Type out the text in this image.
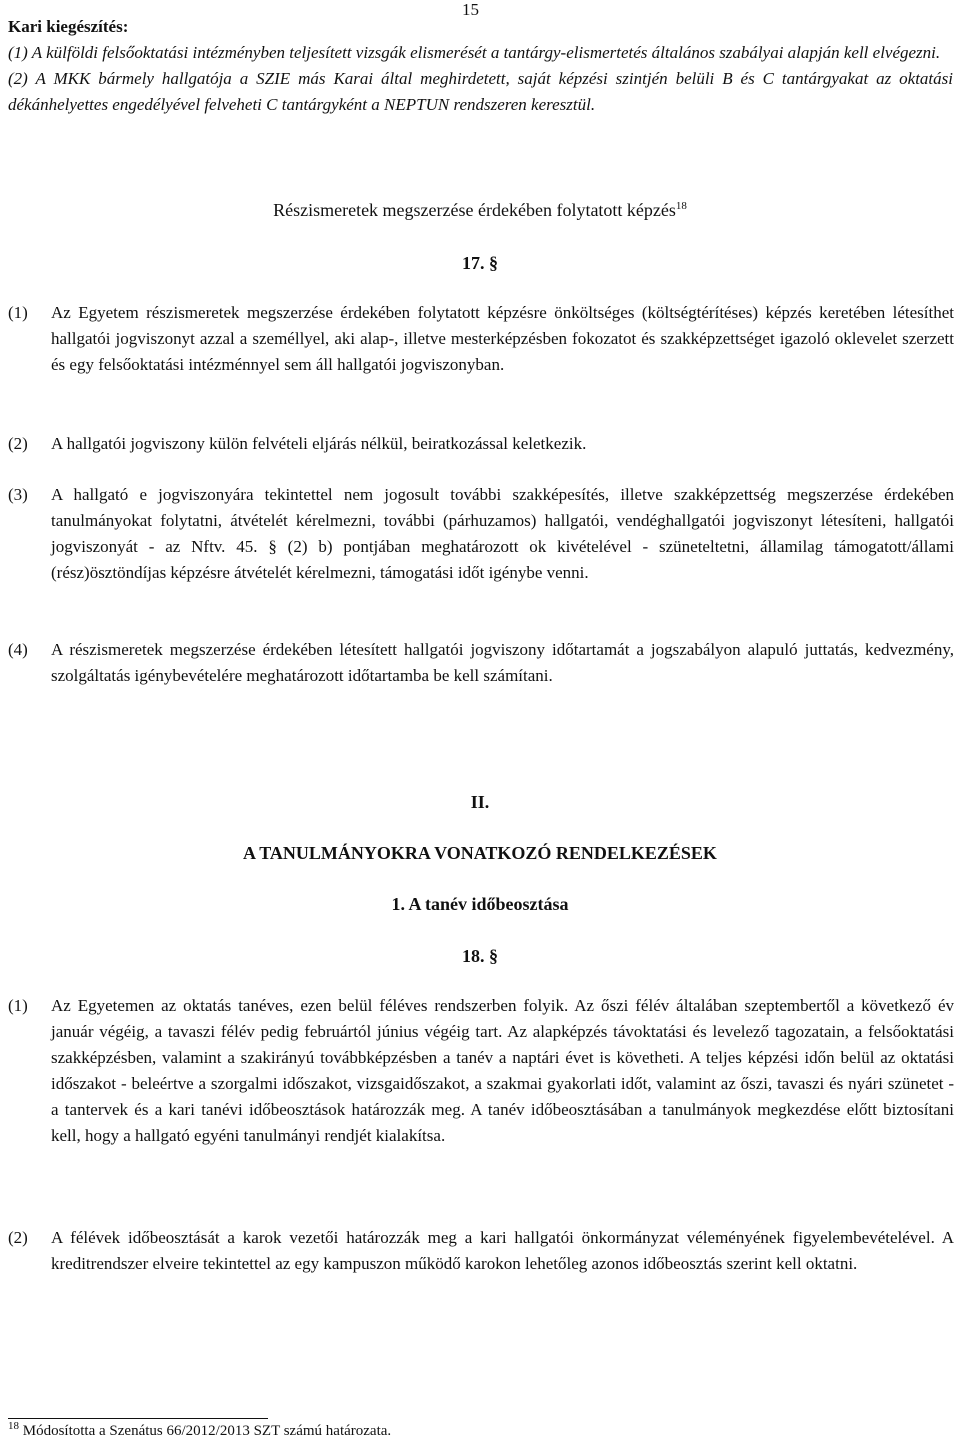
15
Kari kiegészítés:
(1) A külföldi felsőoktatási intézményben teljesített vizsgák elismerését a tantárgy-elismertetés általános szabályai alapján kell elvégezni.
(2) A MKK bármely hallgatója a SZIE más Karai által meghirdetett, saját képzési szintjén belüli B és C tantárgyakat az oktatási dékánhelyettes engedélyével felveheti C tantárgyként a NEPTUN rendszeren keresztül.
Részismeretek megszerzése érdekében folytatott képzés$^{18}$
17. §
(1) Az Egyetem részismeretek megszerzése érdekében folytatott képzésre önköltséges (költségtérítéses) képzés keretében létesíthet hallgatói jogviszonyt azzal a személlyel, aki alap-, illetve mesterképzésben fokozatot és szakképzettséget igazoló oklevelet szerzett és egy felsőoktatási intézménnyel sem áll hallgatói jogviszonyban.
(2) A hallgatói jogviszony külön felvételi eljárás nélkül, beiratkozással keletkezik.
(3) A hallgató e jogviszonyára tekintettel nem jogosult további szakképesítés, illetve szakképzettség megszerzése érdekében tanulmányokat folytatni, átvételét kérelmezni, további (párhuzamos) hallgatói, vendéghallgatói jogviszonyt létesíteni, hallgatói jogviszonyát - az Nftv. 45. § (2) b) pontjában meghatározott ok kivételével - szüneteltetni, államilag támogatott/állami (rész)ösztöndíjas képzésre átvételét kérelmezni, támogatási időt igénybe venni.
(4) A részismeretek megszerzése érdekében létesített hallgatói jogviszony időtartamát a jogszabályon alapuló juttatás, kedvezmény, szolgáltatás igénybevételére meghatározott időtartamba be kell számítani.
II.
A TANULMÁNYOKRA VONATKOZÓ RENDELKEZÉSEK
1. A tanév időbeosztása
18. §
(1) Az Egyetemen az oktatás tanéves, ezen belül féléves rendszerben folyik. Az őszi félév általában szeptembertől a következő év január végéig, a tavaszi félév pedig februártól június végéig tart. Az alapképzés távoktatási és levelező tagozatain, a felsőoktatási szakképzésben, valamint a szakirányú továbbképzésben a tanév a naptári évet is követheti. A teljes képzési időn belül az oktatási időszakot - beleértve a szorgalmi időszakot, vizsgaidőszakot, a szakmai gyakorlati időt, valamint az őszi, tavaszi és nyári szünetet - a tantervek és a kari tanévi időbeosztások határozzák meg. A tanév időbeosztásában a tanulmányok megkezdése előtt biztosítani kell, hogy a hallgató egyéni tanulmányi rendjét kialakítsa.
(2) A félévek időbeosztását a karok vezetői határozzák meg a kari hallgatói önkormányzat véleményének figyelembevételével. A kreditrendszer elveire tekintettel az egy kampuszon működő karokon lehetőleg azonos időbeosztás szerint kell oktatni.
$^{18}$ Módosította a Szenátus 66/2012/2013 SZT számú határozata.
